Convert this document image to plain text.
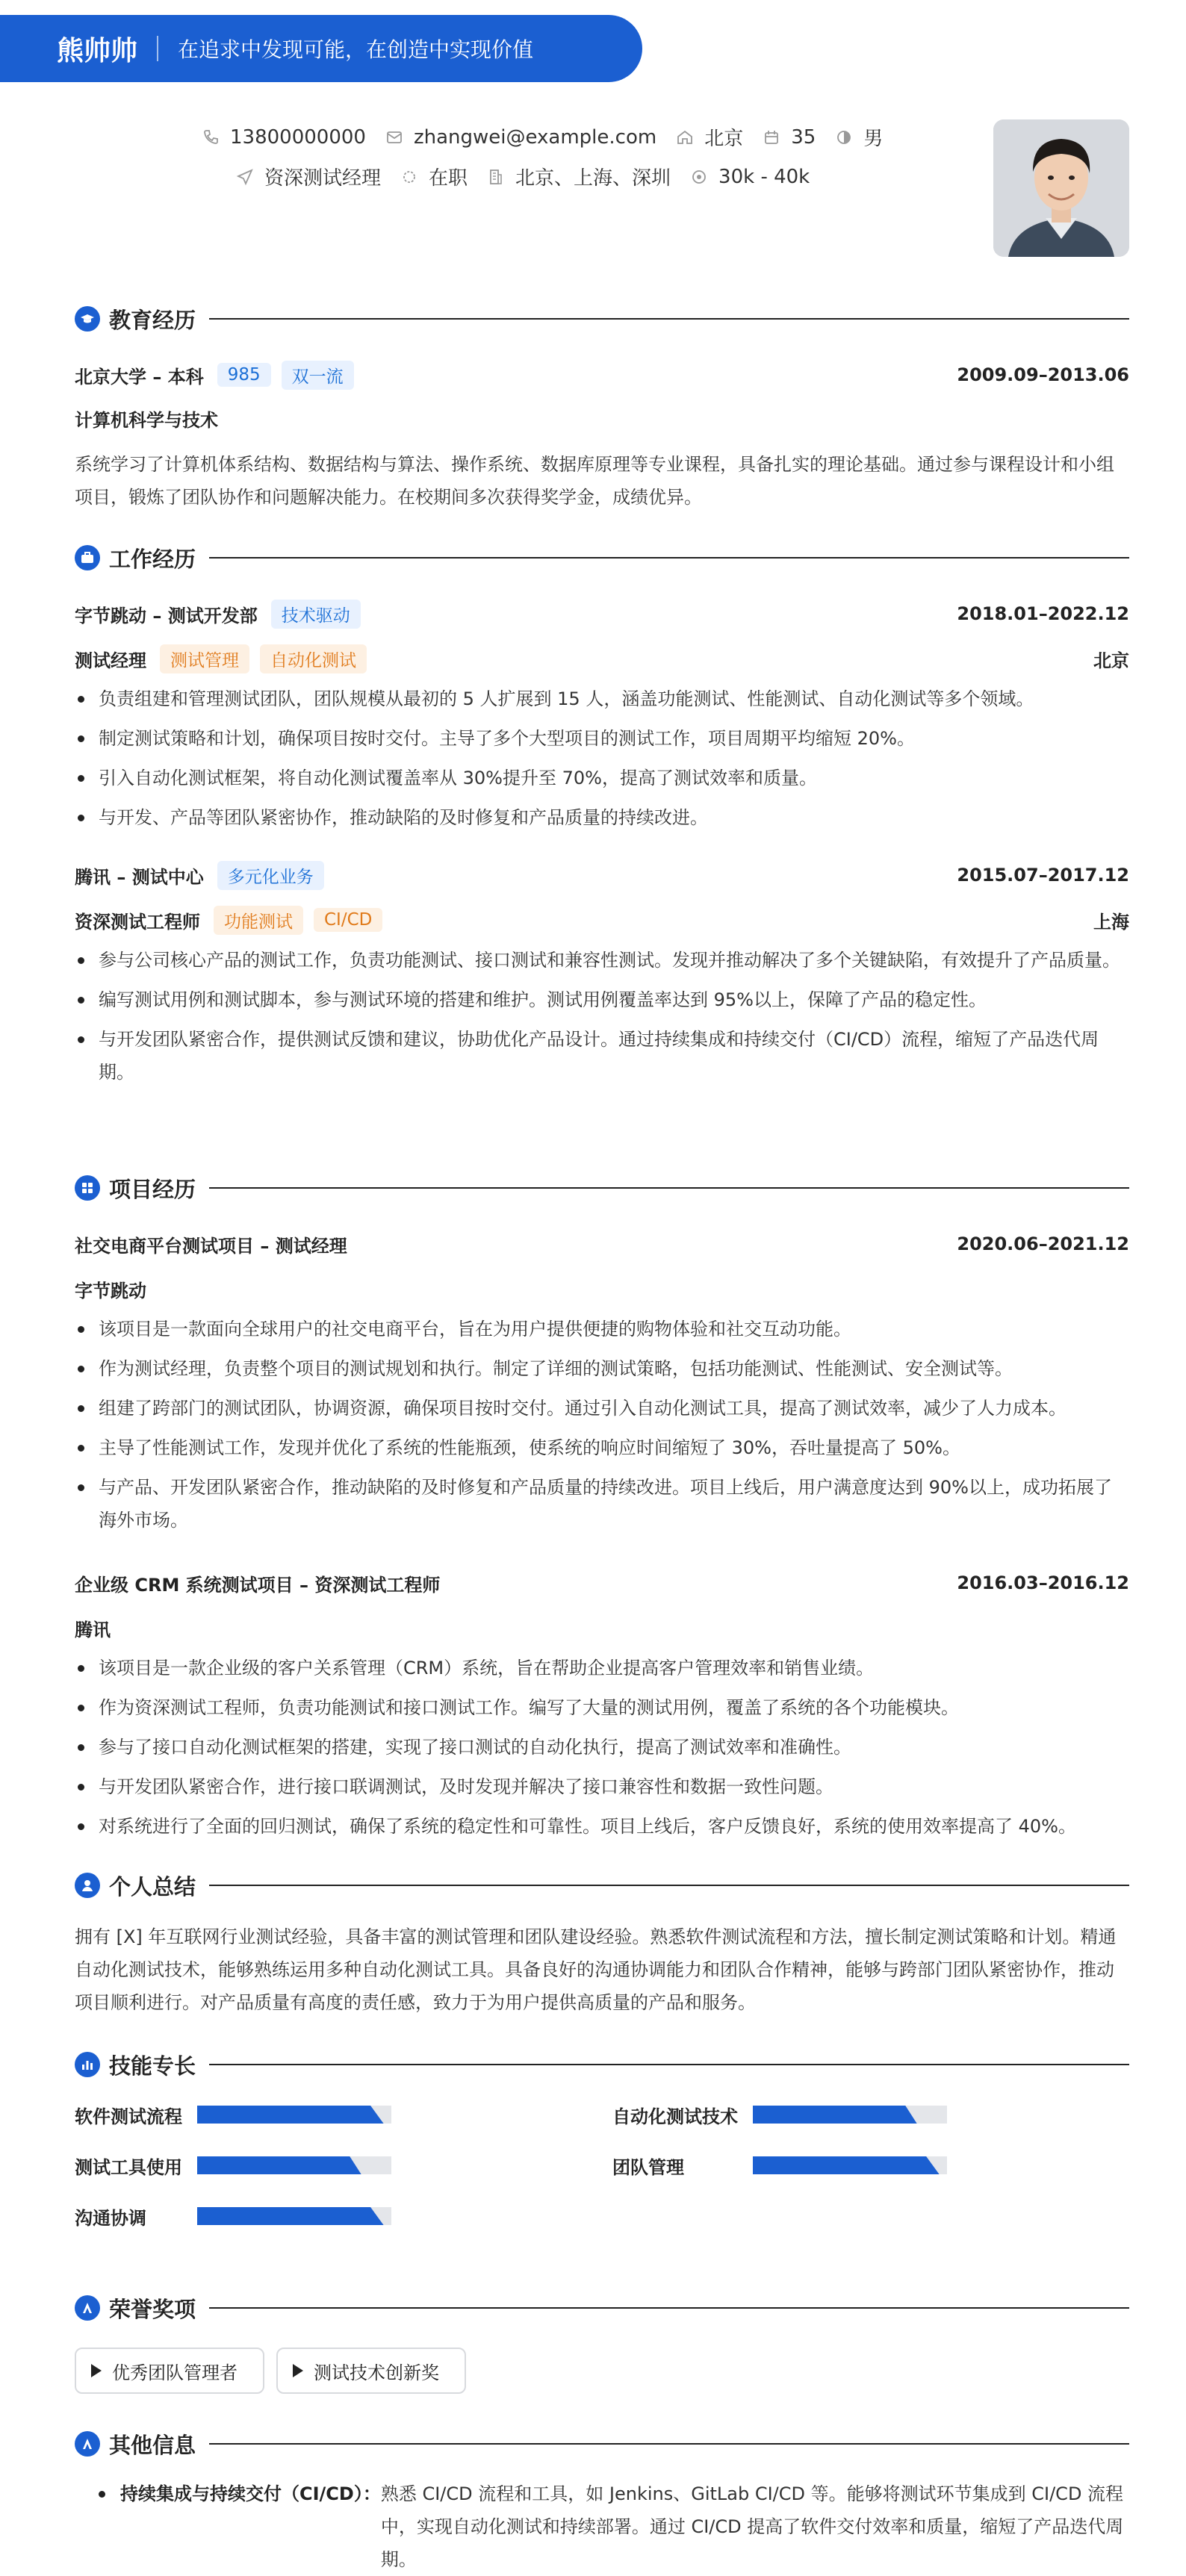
熊帅帅 在追求中发现可能，在创造中实现价值
13800000000 zhangwei@example.com 北京 35 男
资深测试经理 在职 北京、上海、深圳 30k - 40k
教育经历
北京大学 – 本科	985	双一流	2009.09–2013.06
计算机科学与技术
系统学习了计算机体系结构、数据结构与算法、操作系统、数据库原理等专业课程，具备扎实的理论基础。通过参与课程设计和小组项目，锻炼了团队协作和问题解决能力。在校期间多次获得奖学金，成绩优异。
工作经历
字节跳动 – 测试开发部	技术驱动	2018.01–2022.12
测试经理	测试管理	自动化测试	北京
负责组建和管理测试团队，团队规模从最初的 5 人扩展到 15 人，涵盖功能测试、性能测试、自动化测试等多个领域。
制定测试策略和计划，确保项目按时交付。主导了多个大型项目的测试工作，项目周期平均缩短 20%。
引入自动化测试框架，将自动化测试覆盖率从 30%提升至 70%，提高了测试效率和质量。
与开发、产品等团队紧密协作，推动缺陷的及时修复和产品质量的持续改进。
腾讯 – 测试中心	多元化业务	2015.07–2017.12
资深测试工程师	功能测试	CI/CD	上海
参与公司核心产品的测试工作，负责功能测试、接口测试和兼容性测试。发现并推动解决了多个关键缺陷，有效提升了产品质量。
编写测试用例和测试脚本，参与测试环境的搭建和维护。测试用例覆盖率达到 95%以上，保障了产品的稳定性。
与开发团队紧密合作，提供测试反馈和建议，协助优化产品设计。通过持续集成和持续交付（CI/CD）流程，缩短了产品迭代周期。
项目经历
社交电商平台测试项目 – 测试经理	2020.06–2021.12
字节跳动
该项目是一款面向全球用户的社交电商平台，旨在为用户提供便捷的购物体验和社交互动功能。
作为测试经理，负责整个项目的测试规划和执行。制定了详细的测试策略，包括功能测试、性能测试、安全测试等。
组建了跨部门的测试团队，协调资源，确保项目按时交付。通过引入自动化测试工具，提高了测试效率，减少了人力成本。
主导了性能测试工作，发现并优化了系统的性能瓶颈，使系统的响应时间缩短了 30%，吞吐量提高了 50%。
与产品、开发团队紧密合作，推动缺陷的及时修复和产品质量的持续改进。项目上线后，用户满意度达到 90%以上，成功拓展了海外市场。
企业级 CRM 系统测试项目 – 资深测试工程师	2016.03–2016.12
腾讯
该项目是一款企业级的客户关系管理（CRM）系统，旨在帮助企业提高客户管理效率和销售业绩。
作为资深测试工程师，负责功能测试和接口测试工作。编写了大量的测试用例，覆盖了系统的各个功能模块。
参与了接口自动化测试框架的搭建，实现了接口测试的自动化执行，提高了测试效率和准确性。
与开发团队紧密合作，进行接口联调测试，及时发现并解决了接口兼容性和数据一致性问题。
对系统进行了全面的回归测试，确保了系统的稳定性和可靠性。项目上线后，客户反馈良好，系统的使用效率提高了 40%。
个人总结
拥有 [X] 年互联网行业测试经验，具备丰富的测试管理和团队建设经验。熟悉软件测试流程和方法，擅长制定测试策略和计划。精通自动化测试技术，能够熟练运用多种自动化测试工具。具备良好的沟通协调能力和团队合作精神，能够与跨部门团队紧密协作，推动项目顺利进行。对产品质量有高度的责任感，致力于为用户提供高质量的产品和服务。
技能专长
软件测试流程	自动化测试技术
测试工具使用	团队管理
沟通协调
荣誉奖项
优秀团队管理者	测试技术创新奖
其他信息
持续集成与持续交付（CI/CD）： 熟悉 CI/CD 流程和工具，如 Jenkins、GitLab CI/CD 等。能够将测试环节集成到 CI/CD 流程中，实现自动化测试和持续部署。通过 CI/CD 提高了软件交付效率和质量，缩短了产品迭代周期。
